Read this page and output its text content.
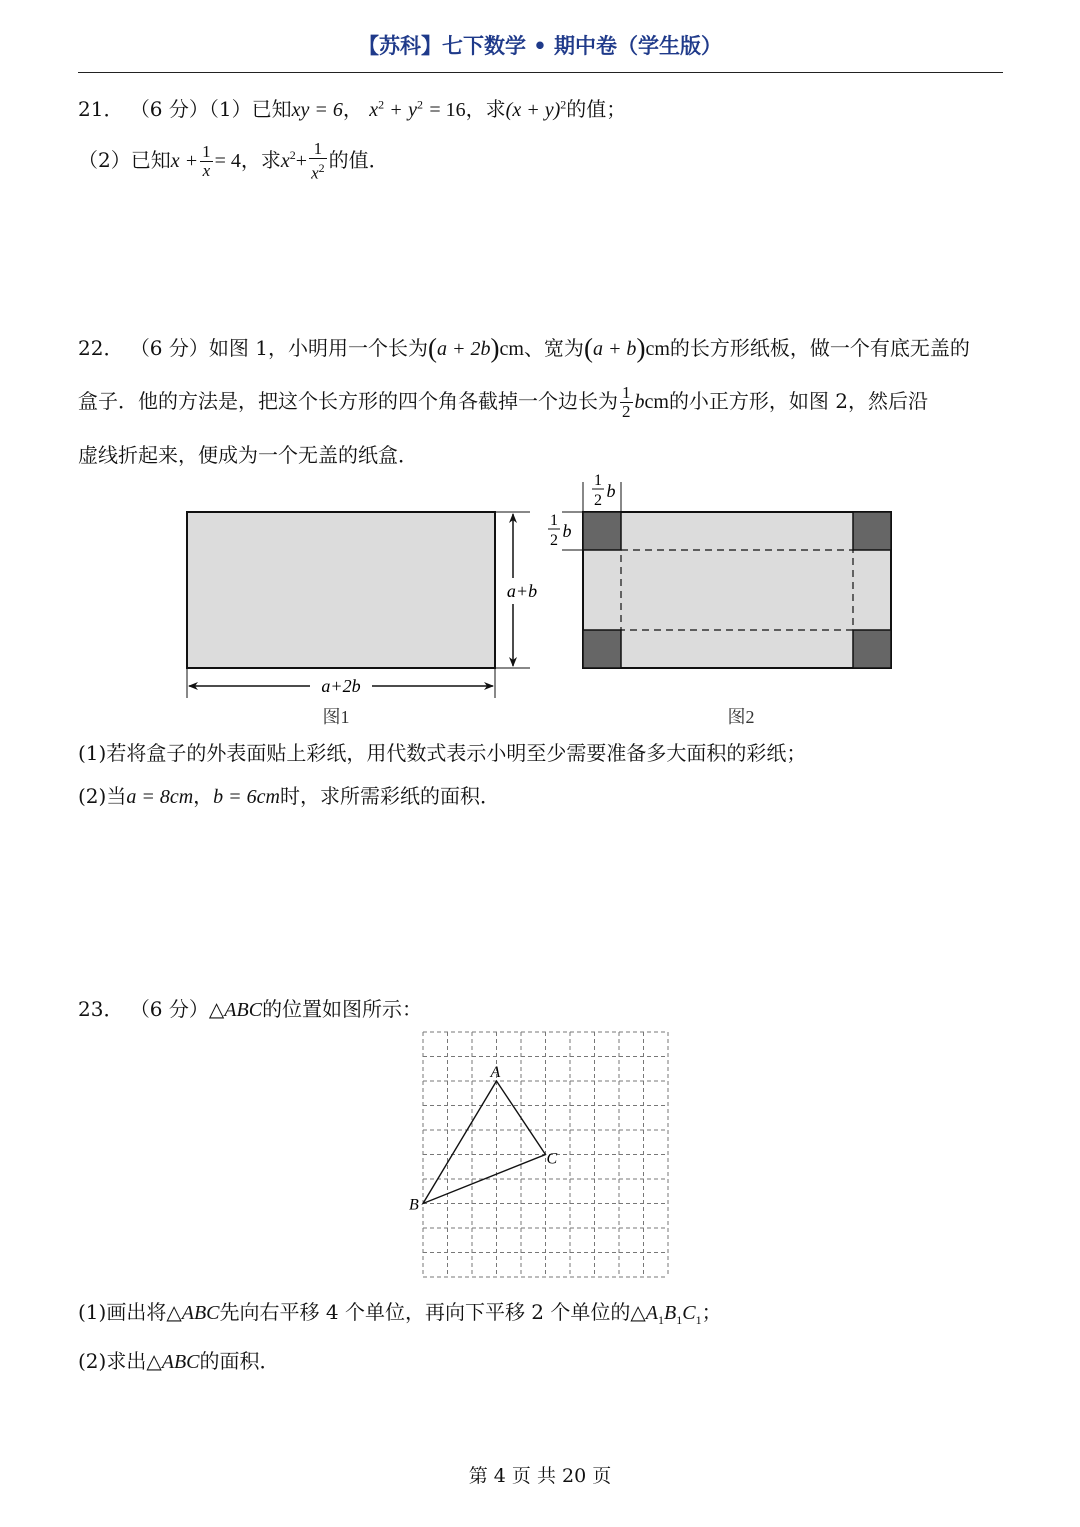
【苏科】七下数学 • 期中卷（学生版）
21． （6 分）（1）已知xy = 6， $x^2 + y^2 = 16$，求$(x + y)^2$的值；
（2）已知$x + \frac{1}{x} = 4$，求$x^2+ \frac{1}{x^2}$ 的值．
22． （6 分）如图 1，小明用一个长为(a + 2b)cm、宽为(a + b)cm的长方形纸板，做一个有底无盖的
盒子．他的方法是，把这个长方形的四个角各截掉一个边长为 $\frac{1}{2}$ bcm的小正方形，如图 2，然后沿
虚线折起来，便成为一个无盖的纸盒．
a+b
a+2b
图1
1
2 b
1
2 b
图2
(1)若将盒子的外表面贴上彩纸，用代数式表示小明至少需要准备多大面积的彩纸；
(2)当a = 8cm，b = 6cm时，求所需彩纸的面积．
23． （6 分）△ABC的位置如图所示：
A
B
C
(1)画出将△ABC先向右平移 4 个单位，再向下平移 2 个单位的$\triangle A_1B_1C_1$；
(2)求出△ABC的面积．
第 4 页 共 20 页
